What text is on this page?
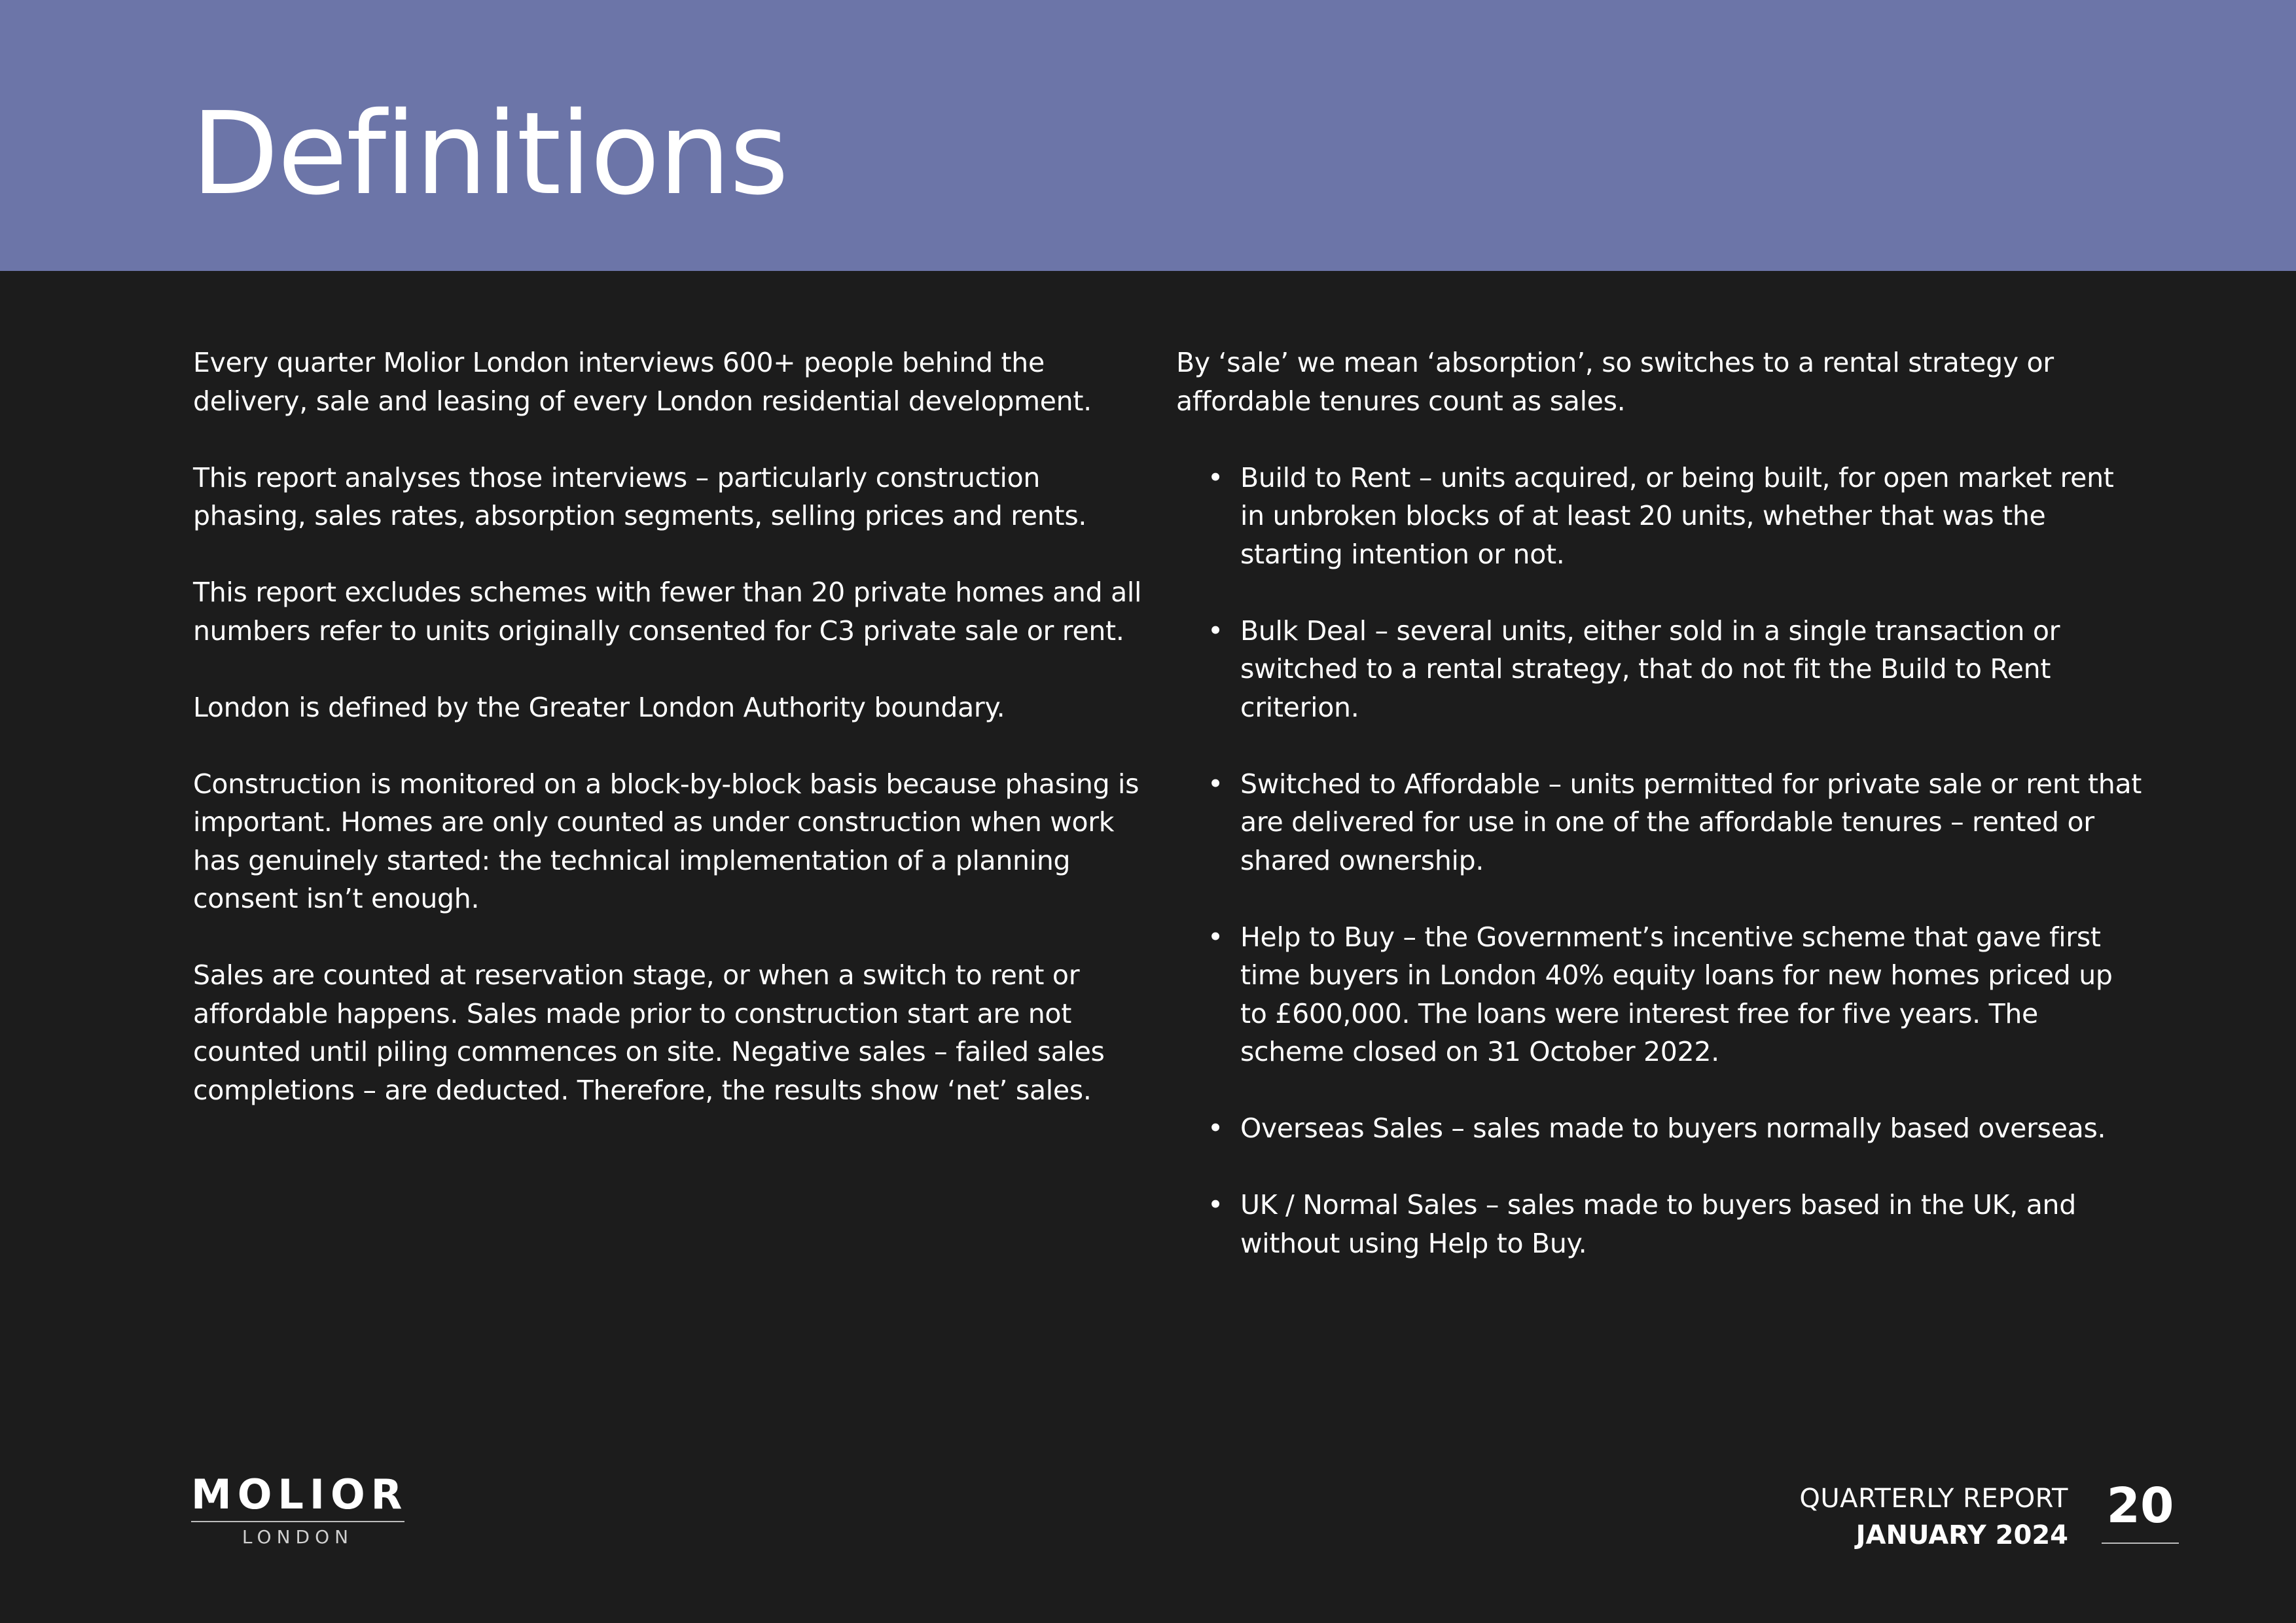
Definitions

Every quarter Molior London interviews 600+ people behind the delivery, sale and leasing of every London residential development.

This report analyses those interviews – particularly construction phasing, sales rates, absorption segments, selling prices and rents.

This report excludes schemes with fewer than 20 private homes and all numbers refer to units originally consented for C3 private sale or rent.

London is defined by the Greater London Authority boundary.

Construction is monitored on a block-by-block basis because phasing is important. Homes are only counted as under construction when work has genuinely started: the technical implementation of a planning consent isn’t enough.

Sales are counted at reservation stage, or when a switch to rent or affordable happens. Sales made prior to construction start are not counted until piling commences on site. Negative sales – failed sales completions – are deducted. Therefore, the results show ‘net’ sales.

By ‘sale’ we mean ‘absorption’, so switches to a rental strategy or affordable tenures count as sales.

• Build to Rent – units acquired, or being built, for open market rent in unbroken blocks of at least 20 units, whether that was the starting intention or not.
• Bulk Deal – several units, either sold in a single transaction or switched to a rental strategy, that do not fit the Build to Rent criterion.
• Switched to Affordable – units permitted for private sale or rent that are delivered for use in one of the affordable tenures – rented or shared ownership.
• Help to Buy – the Government’s incentive scheme that gave first time buyers in London 40% equity loans for new homes priced up to £600,000. The loans were interest free for five years. The scheme closed on 31 October 2022.
• Overseas Sales – sales made to buyers normally based overseas.
• UK / Normal Sales – sales made to buyers based in the UK, and without using Help to Buy.
MOLIOR
LONDON
QUARTERLY REPORT
JANUARY 2024
20
